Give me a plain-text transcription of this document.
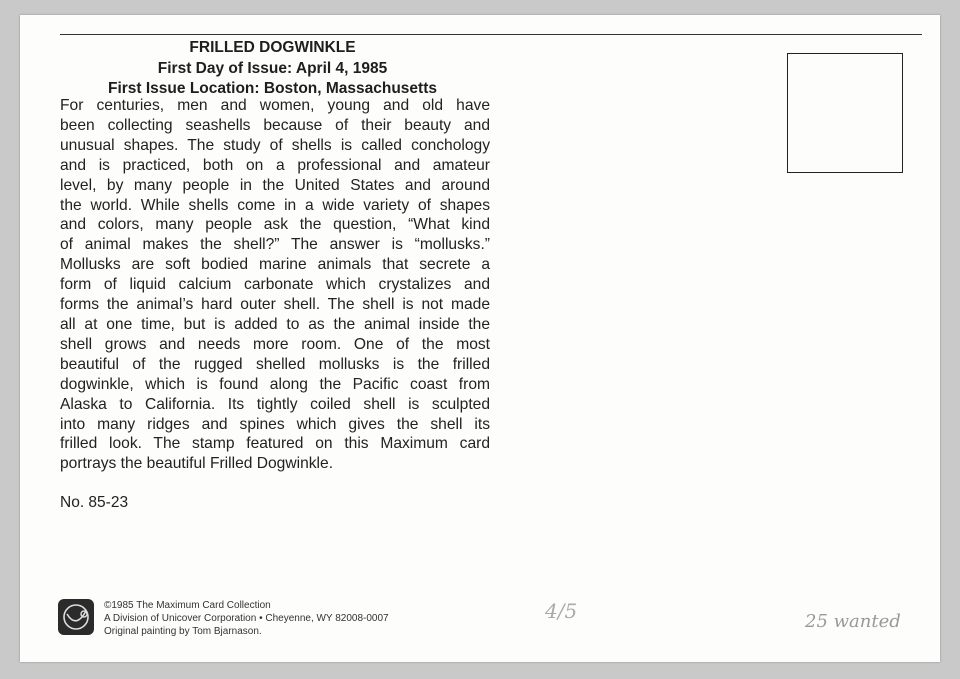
FRILLED DOGWINKLE
First Day of Issue: April 4, 1985
First Issue Location: Boston, Massachusetts
For centuries, men and women, young and old have
been collecting seashells because of their beauty and
unusual shapes. The study of shells is called conchology
and is practiced, both on a professional and amateur
level, by many people in the United States and around
the world. While shells come in a wide variety of shapes
and colors, many people ask the question, “What kind
of animal makes the shell?” The answer is “mollusks.”
Mollusks are soft bodied marine animals that secrete a
form of liquid calcium carbonate which crystalizes and
forms the animal’s hard outer shell. The shell is not made
all at one time, but is added to as the animal inside the
shell grows and needs more room. One of the most
beautiful of the rugged shelled mollusks is the frilled
dogwinkle, which is found along the Pacific coast from
Alaska to California. Its tightly coiled shell is sculpted
into many ridges and spines which gives the shell its
frilled look. The stamp featured on this Maximum card
portrays the beautiful Frilled Dogwinkle.
No. 85-23
©1985 The Maximum Card Collection
A Division of Unicover Corporation • Cheyenne, WY 82008-0007
Original painting by Tom Bjarnason.
4/5	25 wanted
